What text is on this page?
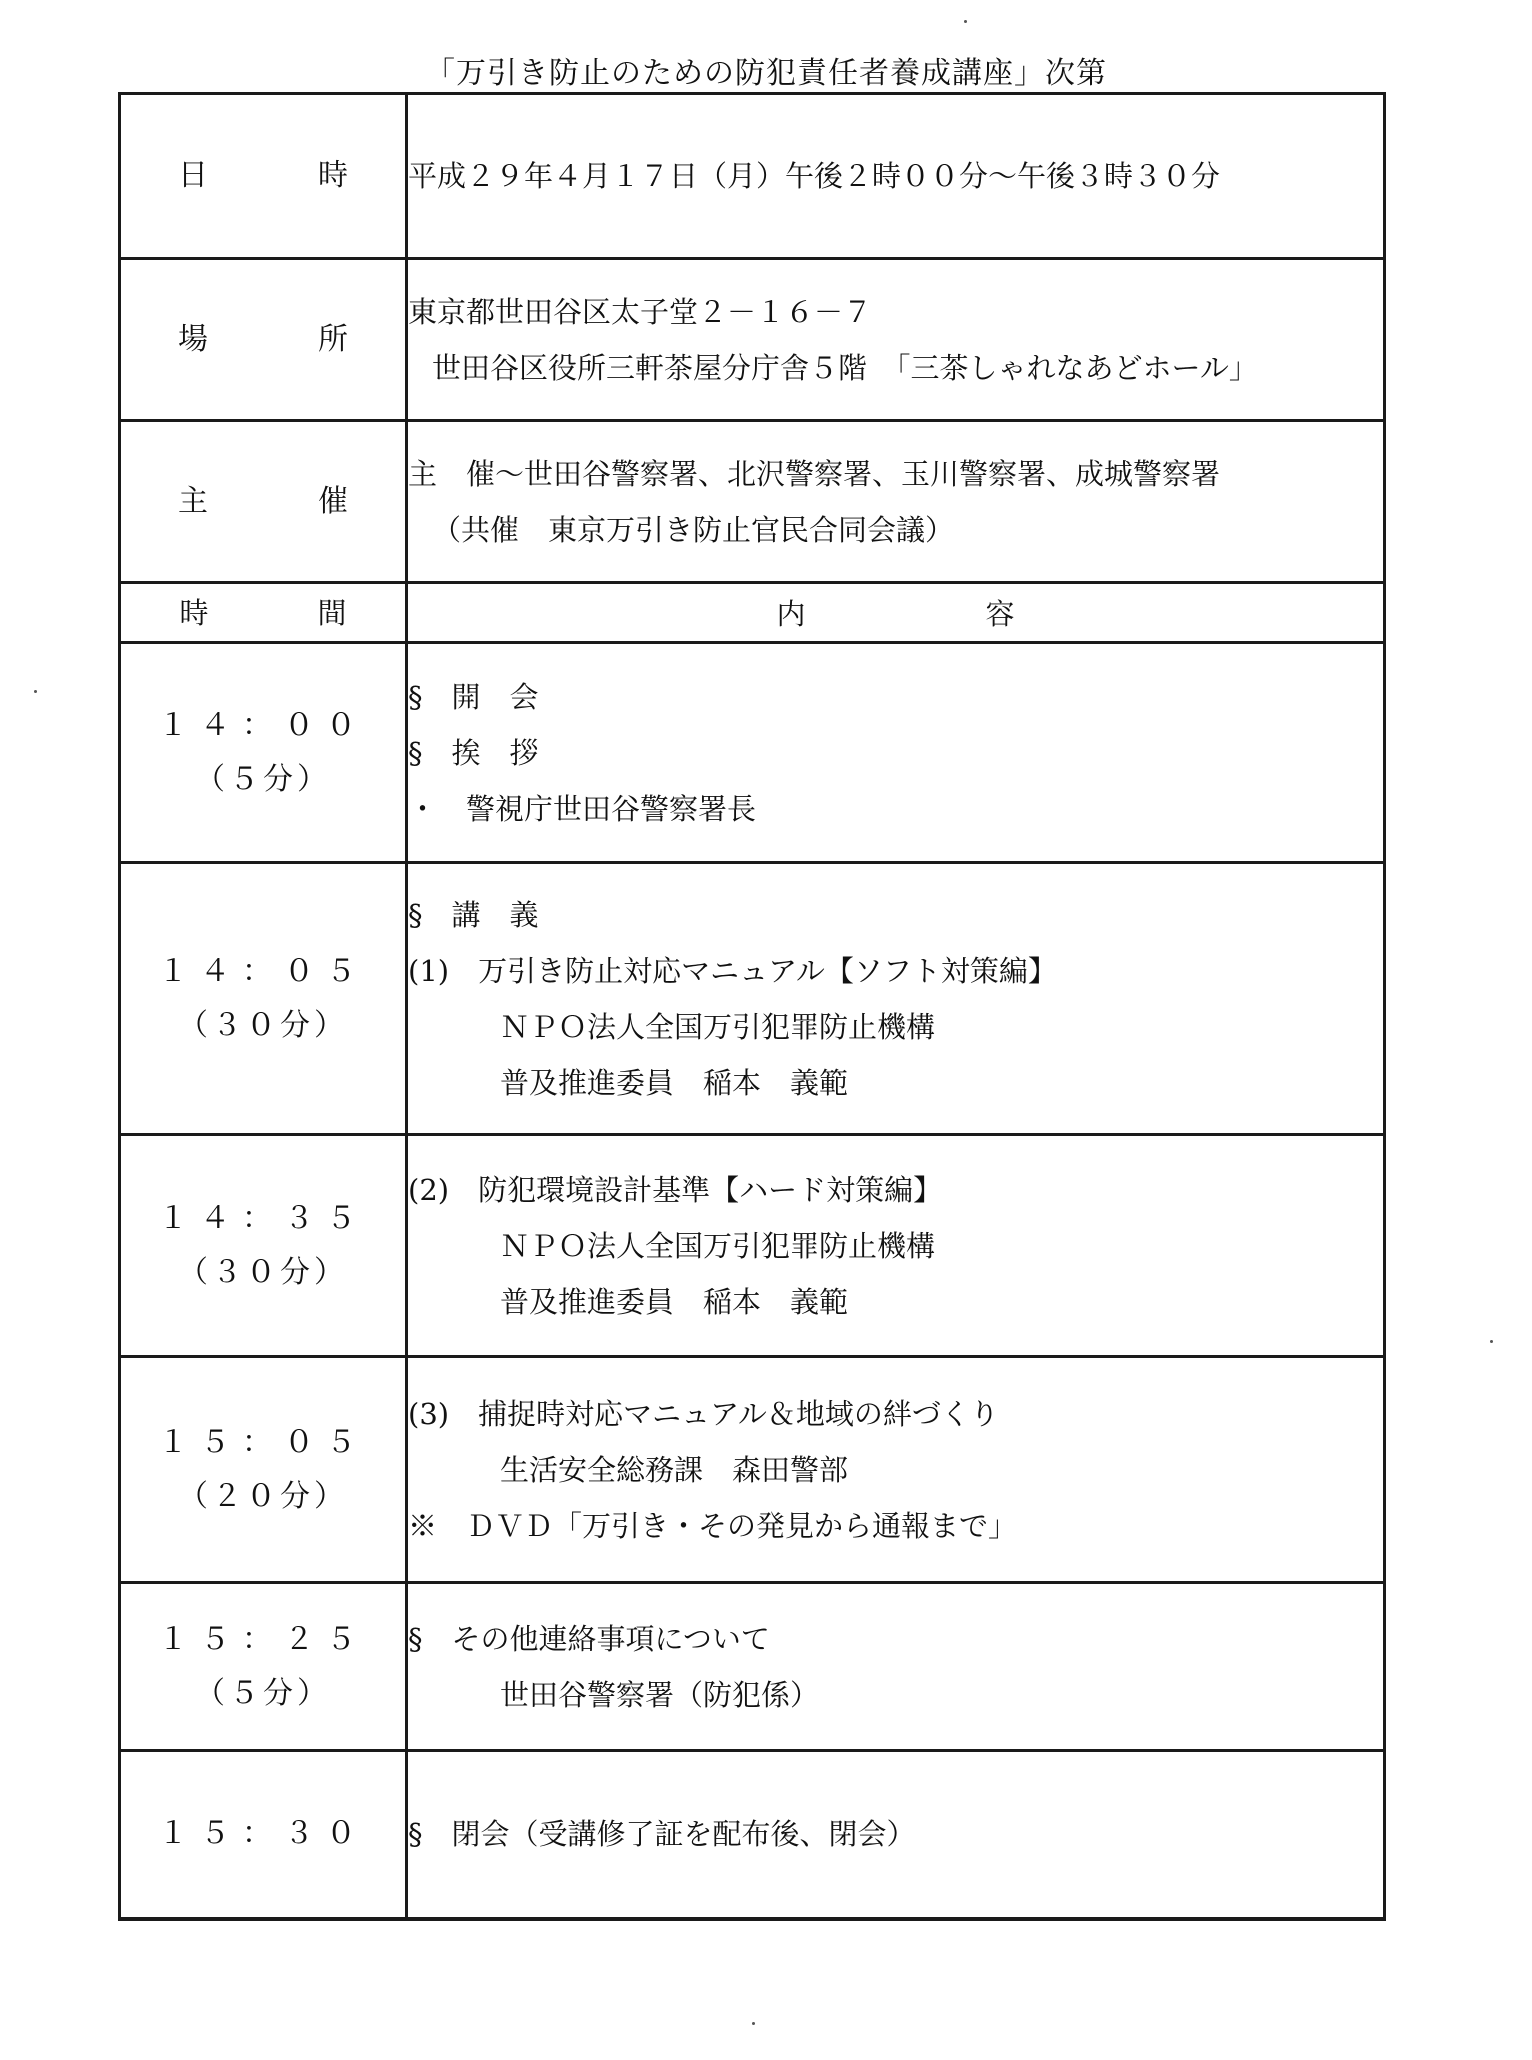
「万引き防止のための防犯責任者養成講座」次第
日　時	平成２９年４月１７日（月）午後２時００分～午後３時３０分

場　所	東京都世田谷区太子堂２－１６－７
世田谷区役所三軒茶屋分庁舎５階　「三茶しゃれなあどホール」

主　催	主　催～世田谷警察署、北沢警察署、玉川警察署、成城警察署
（共催　東京万引き防止官民合同会議）

時　間	内容

１４：００
（５分）	§　開　会
§　挨　拶
・　警視庁世田谷警察署長

１４：０５
（３０分）	§　講　義
(1)　万引き防止対応マニュアル【ソフト対策編】
ＮＰＯ法人全国万引犯罪防止機構
普及推進委員　稲本　義範

１４：３５
（３０分）	(2)　防犯環境設計基準【ハード対策編】
ＮＰＯ法人全国万引犯罪防止機構
普及推進委員　稲本　義範

１５：０５
（２０分）	(3)　捕捉時対応マニュアル＆地域の絆づくり
生活安全総務課　森田警部
※　ＤＶＤ「万引き・その発見から通報まで」

１５：２５
（５分）	§　その他連絡事項について
世田谷警察署（防犯係）

１５：３０	§　閉会（受講修了証を配布後、閉会）
